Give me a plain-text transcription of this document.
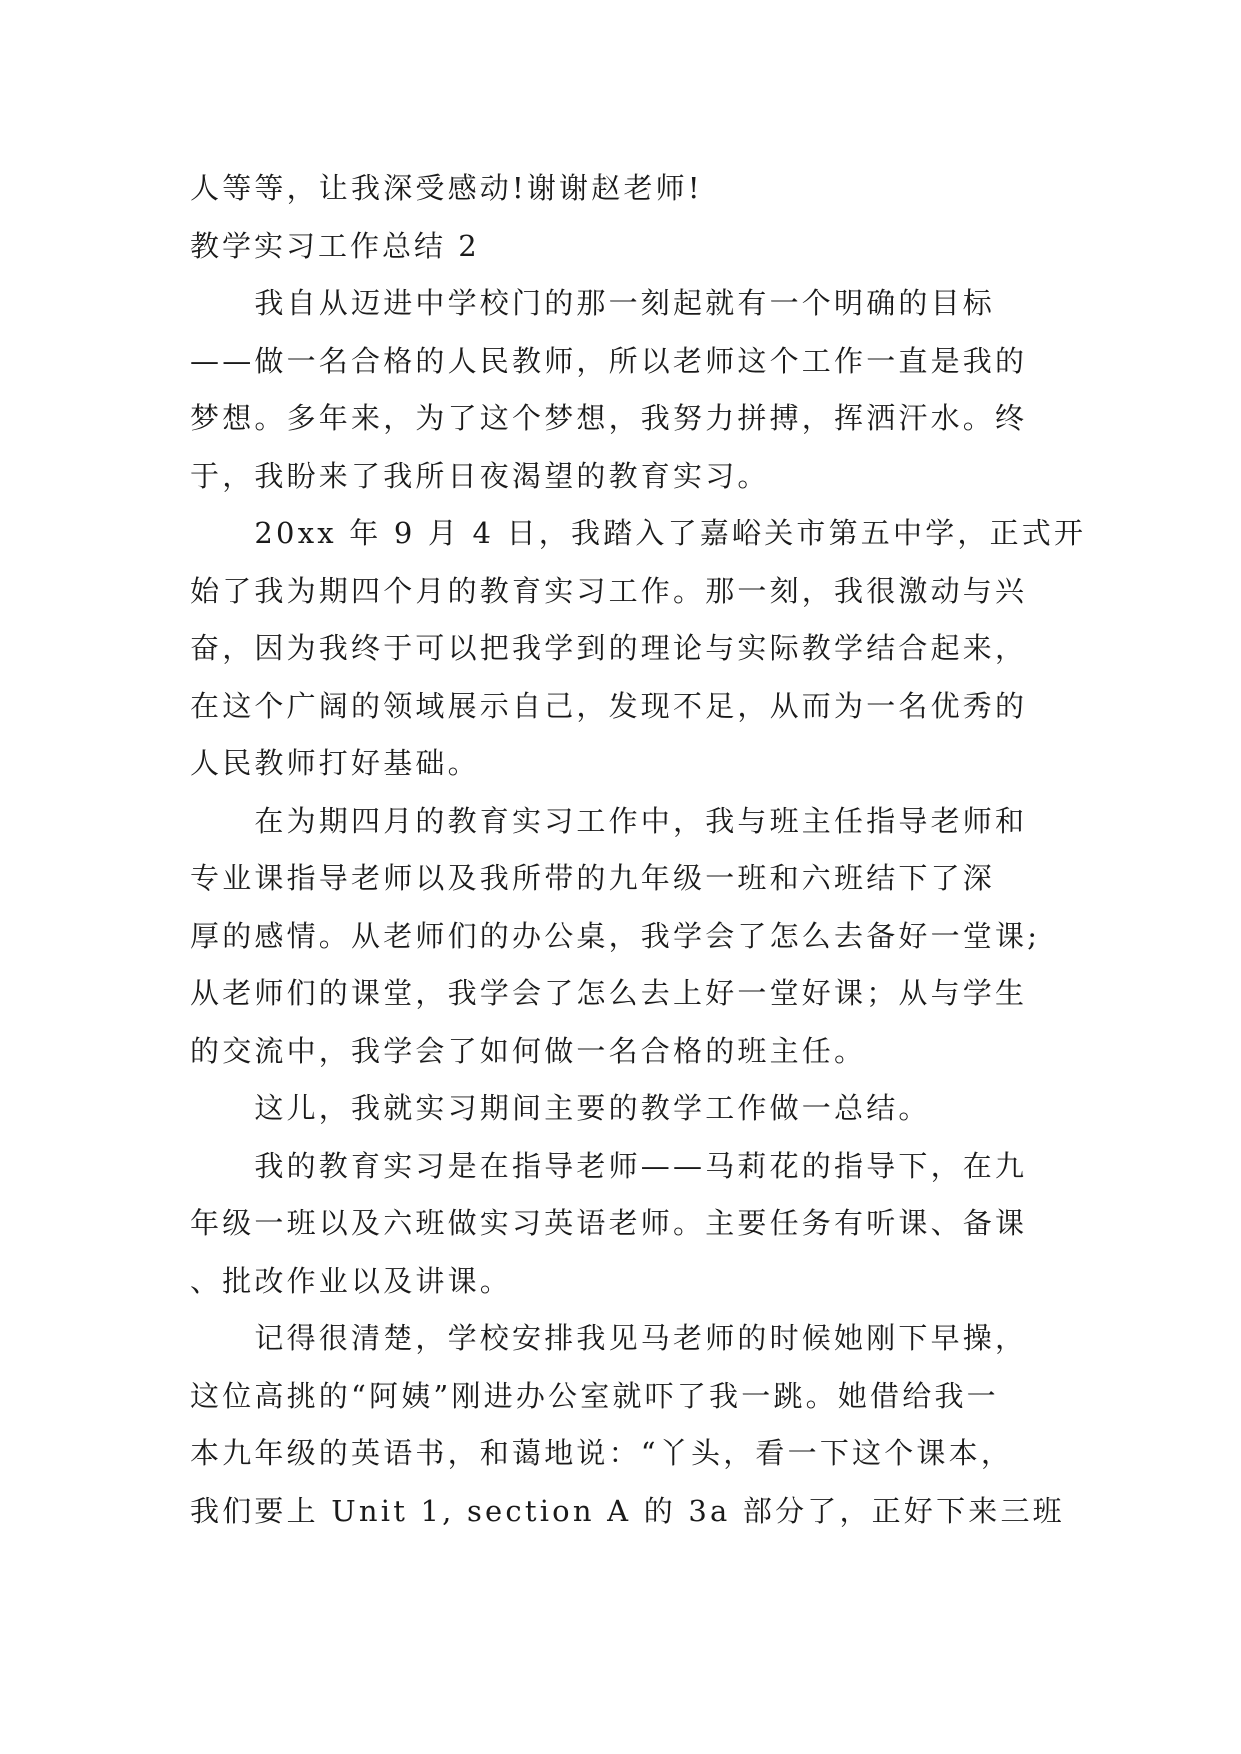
人等等，让我深受感动!谢谢赵老师!
教学实习工作总结 2
　　我自从迈进中学校门的那一刻起就有一个明确的目标
——做一名合格的人民教师，所以老师这个工作一直是我的
梦想。多年来，为了这个梦想，我努力拼搏，挥洒汗水。终
于，我盼来了我所日夜渴望的教育实习。
　　20xx 年 9 月 4 日，我踏入了嘉峪关市第五中学，正式开
始了我为期四个月的教育实习工作。那一刻，我很激动与兴
奋，因为我终于可以把我学到的理论与实际教学结合起来，
在这个广阔的领域展示自己，发现不足，从而为一名优秀的
人民教师打好基础。
　　在为期四月的教育实习工作中，我与班主任指导老师和
专业课指导老师以及我所带的九年级一班和六班结下了深
厚的感情。从老师们的办公桌，我学会了怎么去备好一堂课;
从老师们的课堂，我学会了怎么去上好一堂好课；从与学生
的交流中，我学会了如何做一名合格的班主任。
　　这儿，我就实习期间主要的教学工作做一总结。
　　我的教育实习是在指导老师——马莉花的指导下，在九
年级一班以及六班做实习英语老师。主要任务有听课、备课
、批改作业以及讲课。
　　记得很清楚，学校安排我见马老师的时候她刚下早操，
这位高挑的“阿姨”刚进办公室就吓了我一跳。她借给我一
本九年级的英语书，和蔼地说：“丫头，看一下这个课本，
我们要上 Unit 1, section A 的 3a 部分了，正好下来三班
